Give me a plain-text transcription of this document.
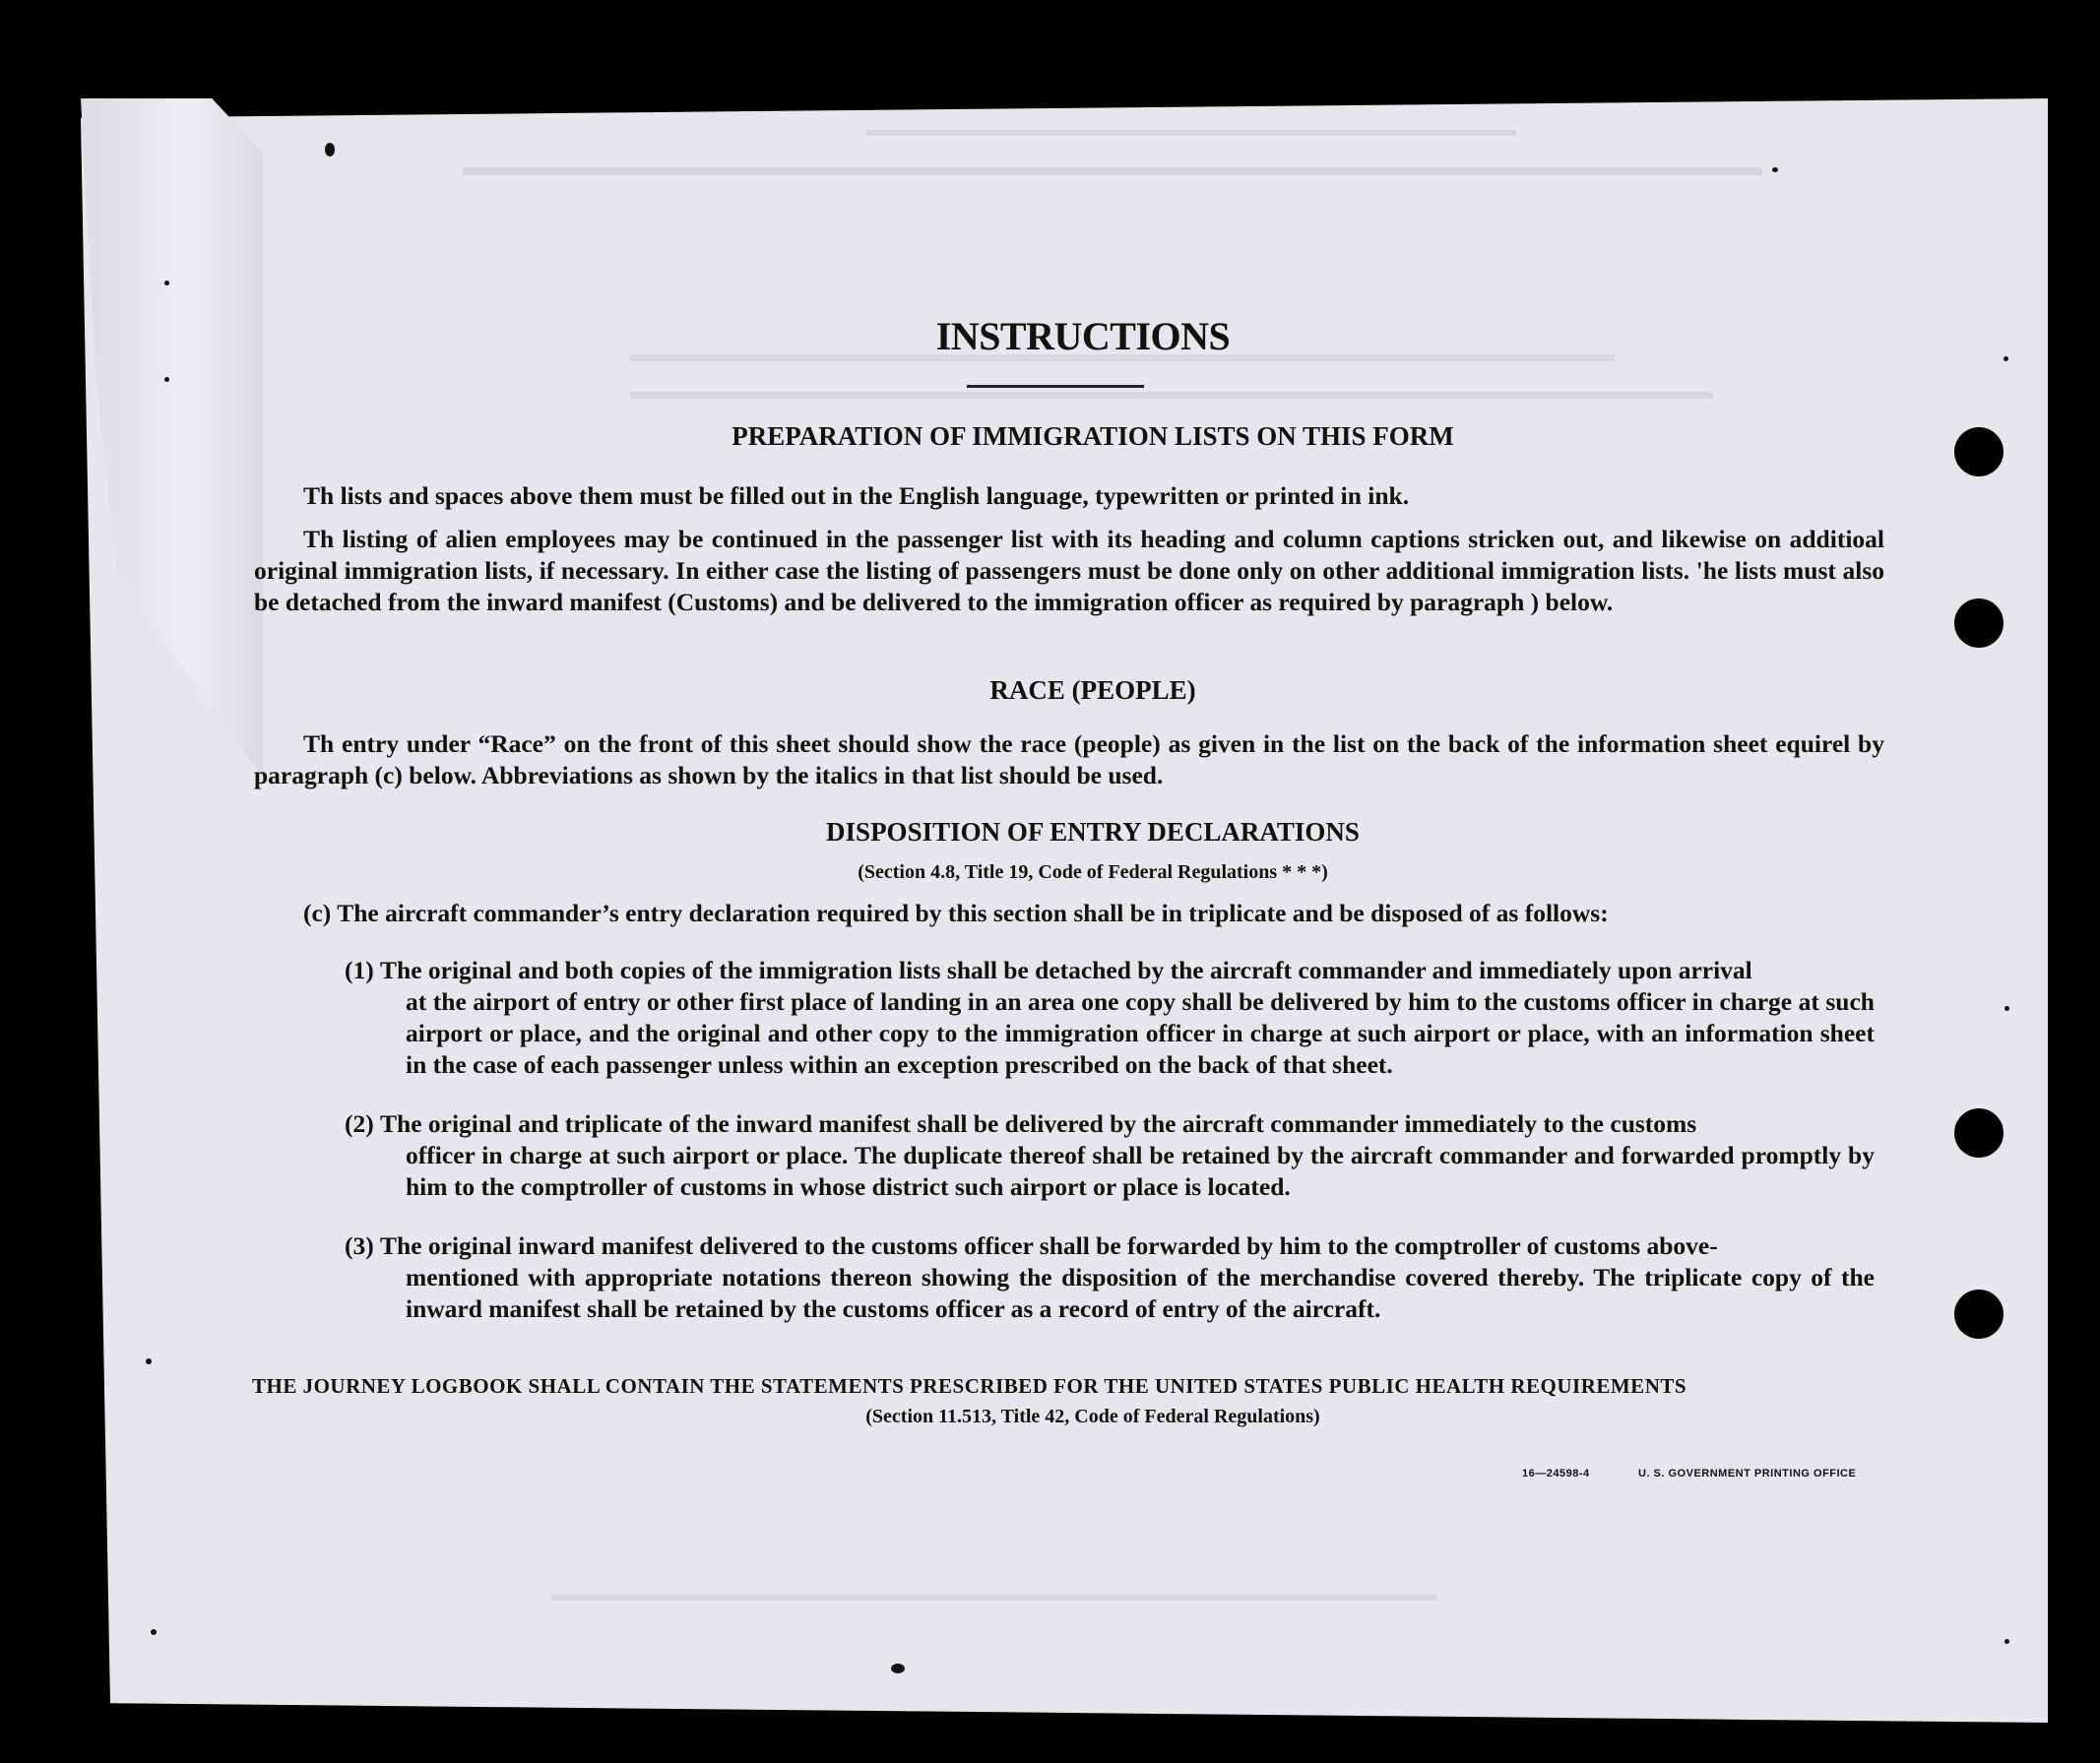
INSTRUCTIONS
PREPARATION OF IMMIGRATION LISTS ON THIS FORM
Th lists and spaces above them must be filled out in the English language, typewritten or printed in ink.
Th listing of alien employees may be continued in the passenger list with its heading and column captions stricken out, and likewise on additioal original immigration lists, if necessary. In either case the listing of passengers must be done only on other additional immigration lists. 'he lists must also be detached from the inward manifest (Customs) and be delivered to the immigration officer as required by paragraph ) below.
RACE (PEOPLE)
Th entry under “Race” on the front of this sheet should show the race (people) as given in the list on the back of the information sheet equirel by paragraph (c) below. Abbreviations as shown by the italics in that list should be used.
DISPOSITION OF ENTRY DECLARATIONS
(Section 4.8, Title 19, Code of Federal Regulations * * *)
(c) The aircraft commander’s entry declaration required by this section shall be in triplicate and be disposed of as follows:
(1) The original and both copies of the immigration lists shall be detached by the aircraft commander and immediately upon arrival
at the airport of entry or other first place of landing in an area one copy shall be delivered by him to the customs officer in charge at such airport or place, and the original and other copy to the immigration officer in charge at such airport or place, with an information sheet in the case of each passenger unless within an exception prescribed on the back of that sheet.
(2) The original and triplicate of the inward manifest shall be delivered by the aircraft commander immediately to the customs
officer in charge at such airport or place. The duplicate thereof shall be retained by the aircraft commander and forwarded promptly by him to the comptroller of customs in whose district such airport or place is located.
(3) The original inward manifest delivered to the customs officer shall be forwarded by him to the comptroller of customs above-
mentioned with appropriate notations thereon showing the disposition of the merchandise covered thereby. The triplicate copy of the inward manifest shall be retained by the customs officer as a record of entry of the aircraft.
THE JOURNEY LOGBOOK SHALL CONTAIN THE STATEMENTS PRESCRIBED FOR THE UNITED STATES PUBLIC HEALTH REQUIREMENTS
(Section 11.513, Title 42, Code of Federal Regulations)
16—24598-4	U. S. GOVERNMENT PRINTING OFFICE
